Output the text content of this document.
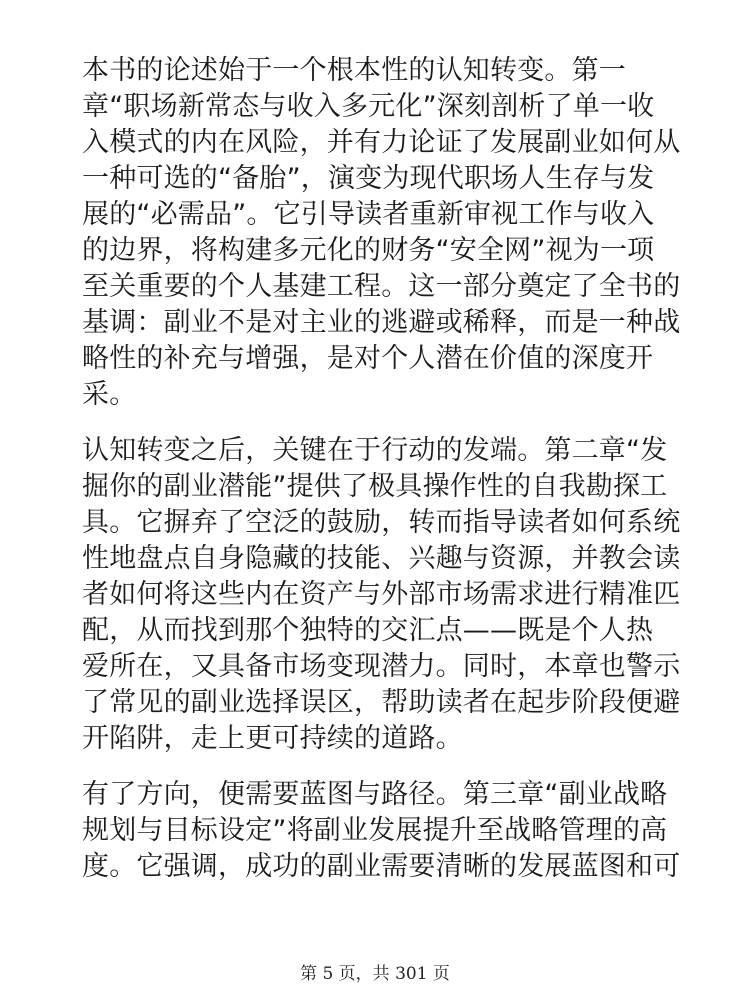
本书的论述始于一个根本性的认知转变。第一
章“职场新常态与收入多元化”深刻剖析了单一收
入模式的内在风险，并有力论证了发展副业如何从
一种可选的“备胎”，演变为现代职场人生存与发
展的“必需品”。它引导读者重新审视工作与收入
的边界，将构建多元化的财务“安全网”视为一项
至关重要的个人基建工程。这一部分奠定了全书的
基调：副业不是对主业的逃避或稀释，而是一种战
略性的补充与增强，是对个人潜在价值的深度开
采。
认知转变之后，关键在于行动的发端。第二章“发
掘你的副业潜能”提供了极具操作性的自我勘探工
具。它摒弃了空泛的鼓励，转而指导读者如何系统
性地盘点自身隐藏的技能、兴趣与资源，并教会读
者如何将这些内在资产与外部市场需求进行精准匹
配，从而找到那个独特的交汇点——既是个人热
爱所在，又具备市场变现潜力。同时，本章也警示
了常见的副业选择误区，帮助读者在起步阶段便避
开陷阱，走上更可持续的道路。
有了方向，便需要蓝图与路径。第三章“副业战略
规划与目标设定”将副业发展提升至战略管理的高
度。它强调，成功的副业需要清晰的发展蓝图和可
第 5 页，共 301 页
